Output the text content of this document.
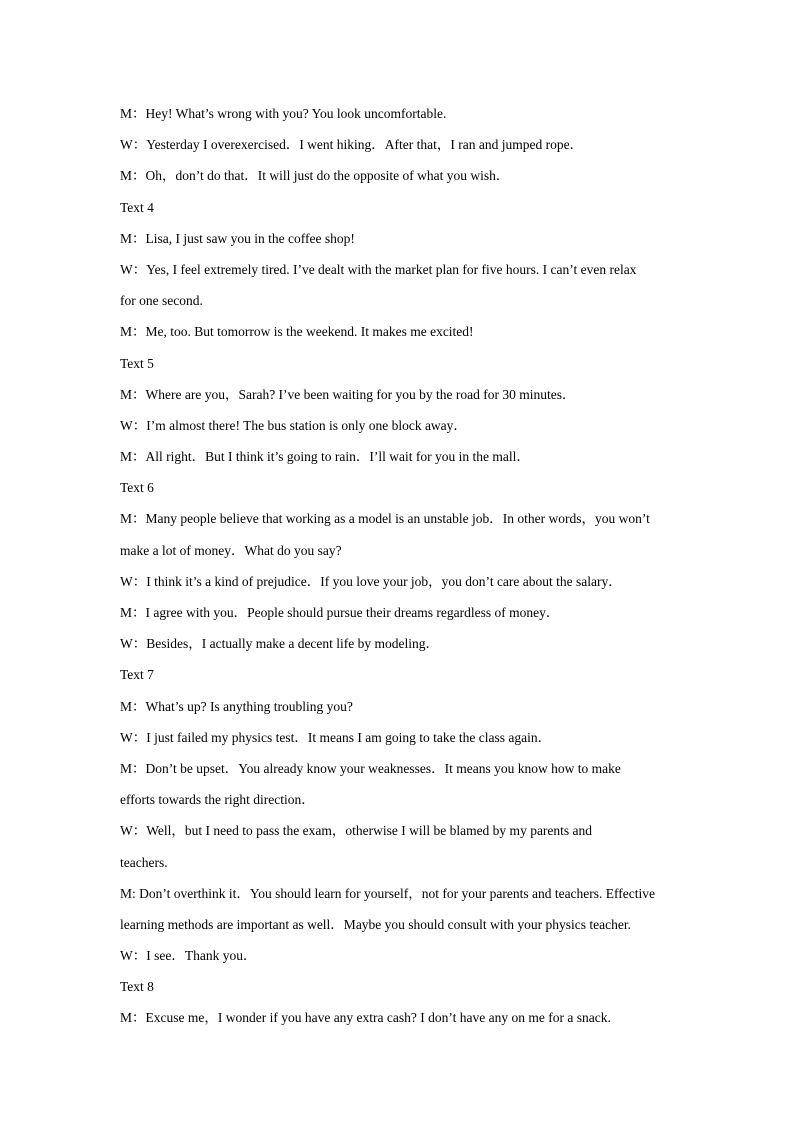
M：Hey! What’s wrong with you? You look uncomfortable.
W：Yesterday I overexercised．I went hiking．After that，I ran and jumped rope．
M：Oh，don’t do that．It will just do the opposite of what you wish．
Text 4
M：Lisa, I just saw you in the coffee shop!
W：Yes, I feel extremely tired. I’ve dealt with the market plan for five hours. I can’t even relax
for one second.
M：Me, too. But tomorrow is the weekend. It makes me excited!
Text 5
M：Where are you，Sarah? I’ve been waiting for you by the road for 30 minutes．
W：I’m almost there! The bus station is only one block away．
M：All right．But I think it’s going to rain．I’ll wait for you in the mall．
Text 6
M：Many people believe that working as a model is an unstable job．In other words，you won’t
make a lot of money．What do you say?
W：I think it’s a kind of prejudice．If you love your job，you don’t care about the salary．
M：I agree with you．People should pursue their dreams regardless of money．
W：Besides，I actually make a decent life by modeling．
Text 7
M：What’s up? Is anything troubling you?
W：I just failed my physics test．It means I am going to take the class again．
M：Don’t be upset．You already know your weaknesses．It means you know how to make
efforts towards the right direction．
W：Well，but I need to pass the exam，otherwise I will be blamed by my parents and
teachers.
M: Don’t overthink it．You should learn for yourself，not for your parents and teachers. Effective
learning methods are important as well．Maybe you should consult with your physics teacher.
W：I see．Thank you．
Text 8
M：Excuse me，I wonder if you have any extra cash? I don’t have any on me for a snack.
